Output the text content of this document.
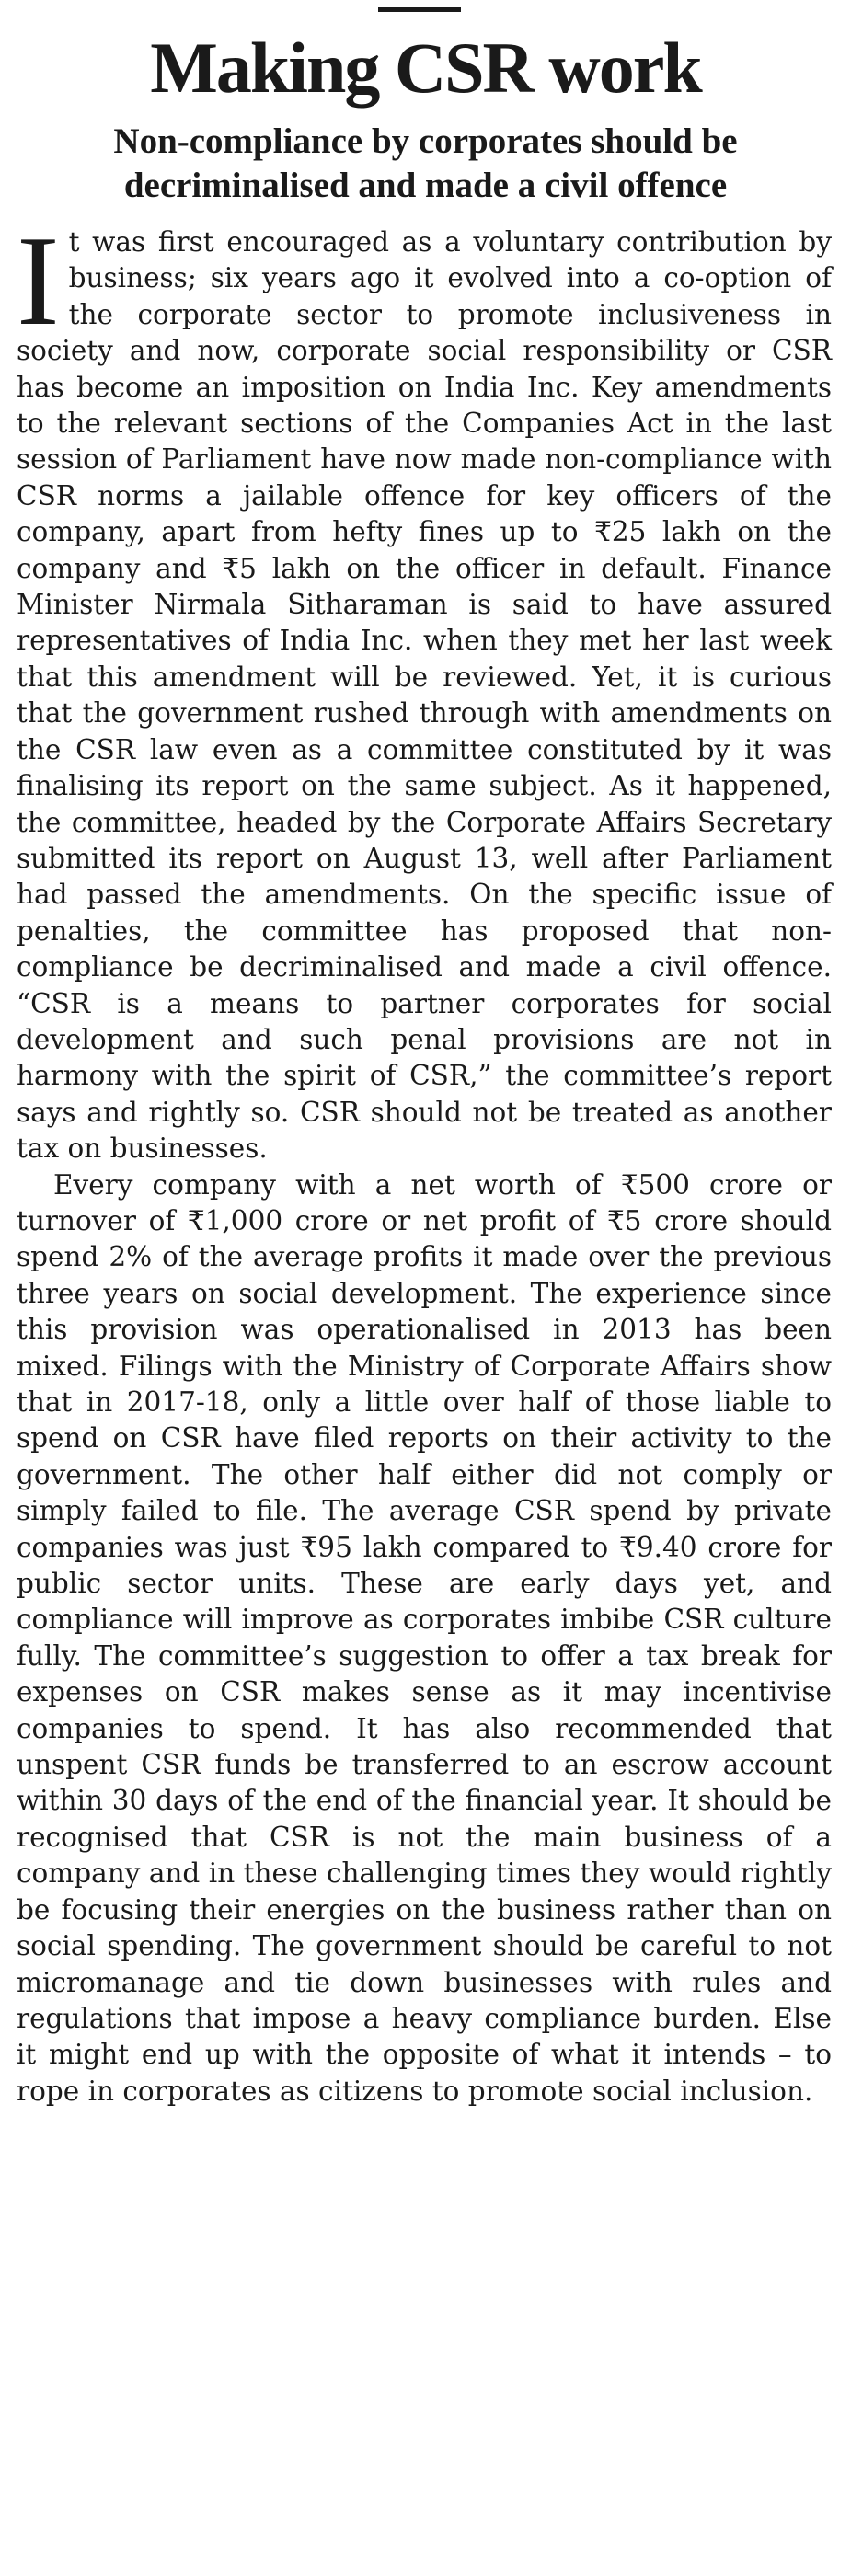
Making CSR work
Non-compliance by corporates should be decriminalised and made a civil offence

It was first encouraged as a voluntary contribution by business; six years ago it evolved into a co-option of the corporate sector to promote inclusiveness in society and now, corporate social responsibility or CSR has become an imposition on India Inc. Key amendments to the relevant sections of the Companies Act in the last session of Parliament have now made non-compliance with CSR norms a jailable offence for key officers of the company, apart from hefty fines up to ₹25 lakh on the company and ₹5 lakh on the officer in default. Finance Minister Nirmala Sitharaman is said to have assured representatives of India Inc. when they met her last week that this amendment will be reviewed. Yet, it is curious that the government rushed through with amendments on the CSR law even as a committee constituted by it was finalising its report on the same subject. As it happened, the committee, headed by the Corporate Affairs Secretary submitted its report on August 13, well after Parliament had passed the amendments. On the specific issue of penalties, the committee has proposed that non-compliance be decriminalised and made a civil offence. “CSR is a means to partner corporates for social development and such penal provisions are not in harmony with the spirit of CSR,” the committee’s report says and rightly so. CSR should not be treated as another tax on businesses.

Every company with a net worth of ₹500 crore or turnover of ₹1,000 crore or net profit of ₹5 crore should spend 2% of the average profits it made over the previous three years on social development. The experience since this provision was operationalised in 2013 has been mixed. Filings with the Ministry of Corporate Affairs show that in 2017-18, only a little over half of those liable to spend on CSR have filed reports on their activity to the government. The other half either did not comply or simply failed to file. The average CSR spend by private companies was just ₹95 lakh compared to ₹9.40 crore for public sector units. These are early days yet, and compliance will improve as corporates imbibe CSR culture fully. The committee’s suggestion to offer a tax break for expenses on CSR makes sense as it may incentivise companies to spend. It has also recommended that unspent CSR funds be transferred to an escrow account within 30 days of the end of the financial year. It should be recognised that CSR is not the main business of a company and in these challenging times they would rightly be focusing their energies on the business rather than on social spending. The government should be careful to not micromanage and tie down businesses with rules and regulations that impose a heavy compliance burden. Else it might end up with the opposite of what it intends – to rope in corporates as citizens to promote social inclusion.
